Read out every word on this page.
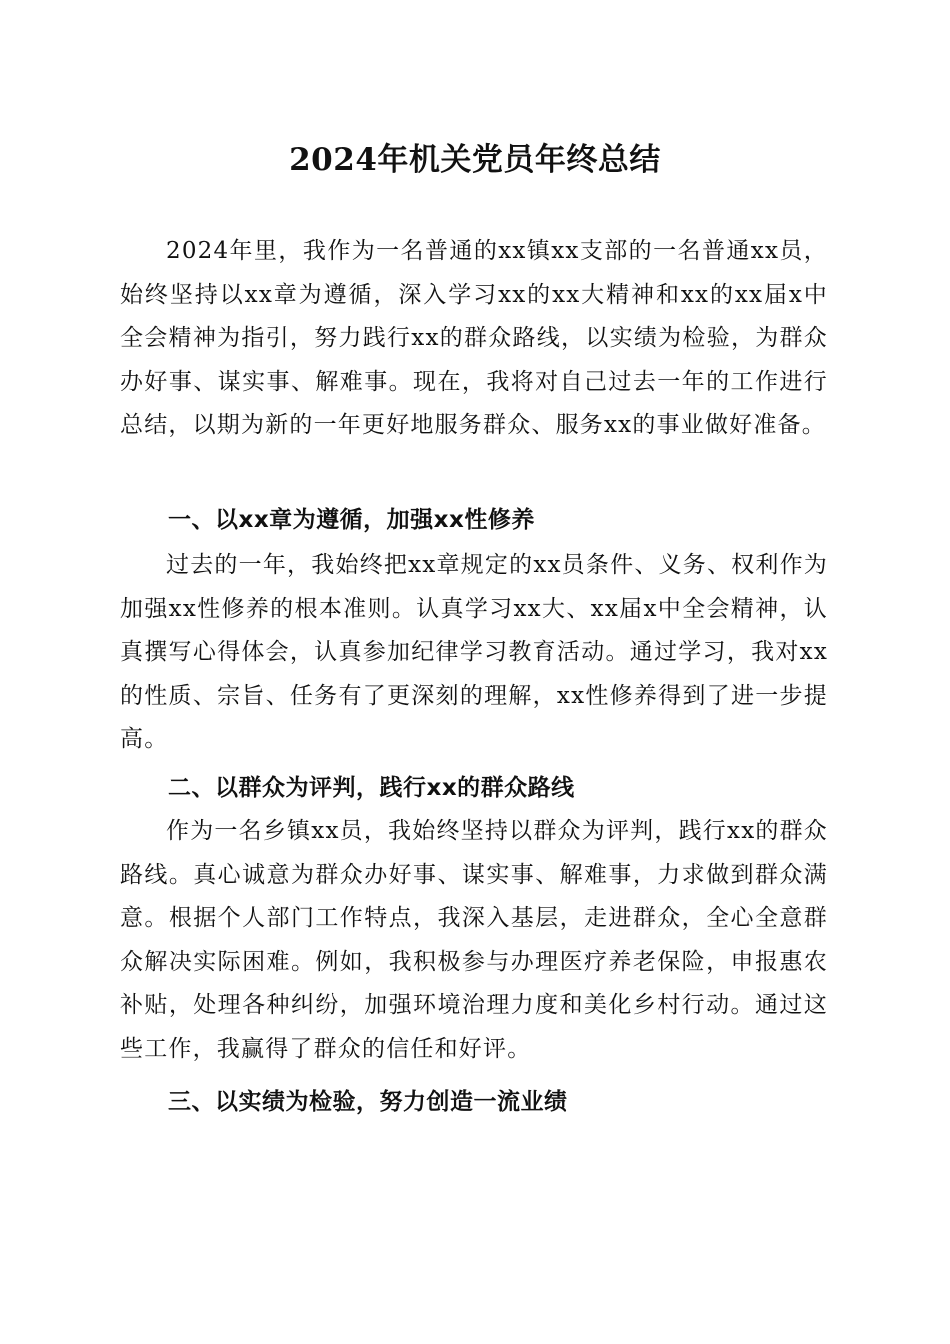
2024年机关党员年终总结

2024年里，我作为一名普通的xx镇xx支部的一名普通xx员，始终坚持以xx章为遵循，深入学习xx的xx大精神和xx的xx届x中全会精神为指引，努力践行xx的群众路线，以实绩为检验，为群众办好事、谋实事、解难事。现在，我将对自己过去一年的工作进行总结，以期为新的一年更好地服务群众、服务xx的事业做好准备。

一、以xx章为遵循，加强xx性修养

过去的一年，我始终把xx章规定的xx员条件、义务、权利作为加强xx性修养的根本准则。认真学习xx大、xx届x中全会精神，认真撰写心得体会，认真参加纪律学习教育活动。通过学习，我对xx的性质、宗旨、任务有了更深刻的理解，xx性修养得到了进一步提高。

二、以群众为评判，践行xx的群众路线

作为一名乡镇xx员，我始终坚持以群众为评判，践行xx的群众路线。真心诚意为群众办好事、谋实事、解难事，力求做到群众满意。根据个人部门工作特点，我深入基层，走进群众，全心全意群众解决实际困难。例如，我积极参与办理医疗养老保险，申报惠农补贴，处理各种纠纷，加强环境治理力度和美化乡村行动。通过这些工作，我赢得了群众的信任和好评。

三、以实绩为检验，努力创造一流业绩
